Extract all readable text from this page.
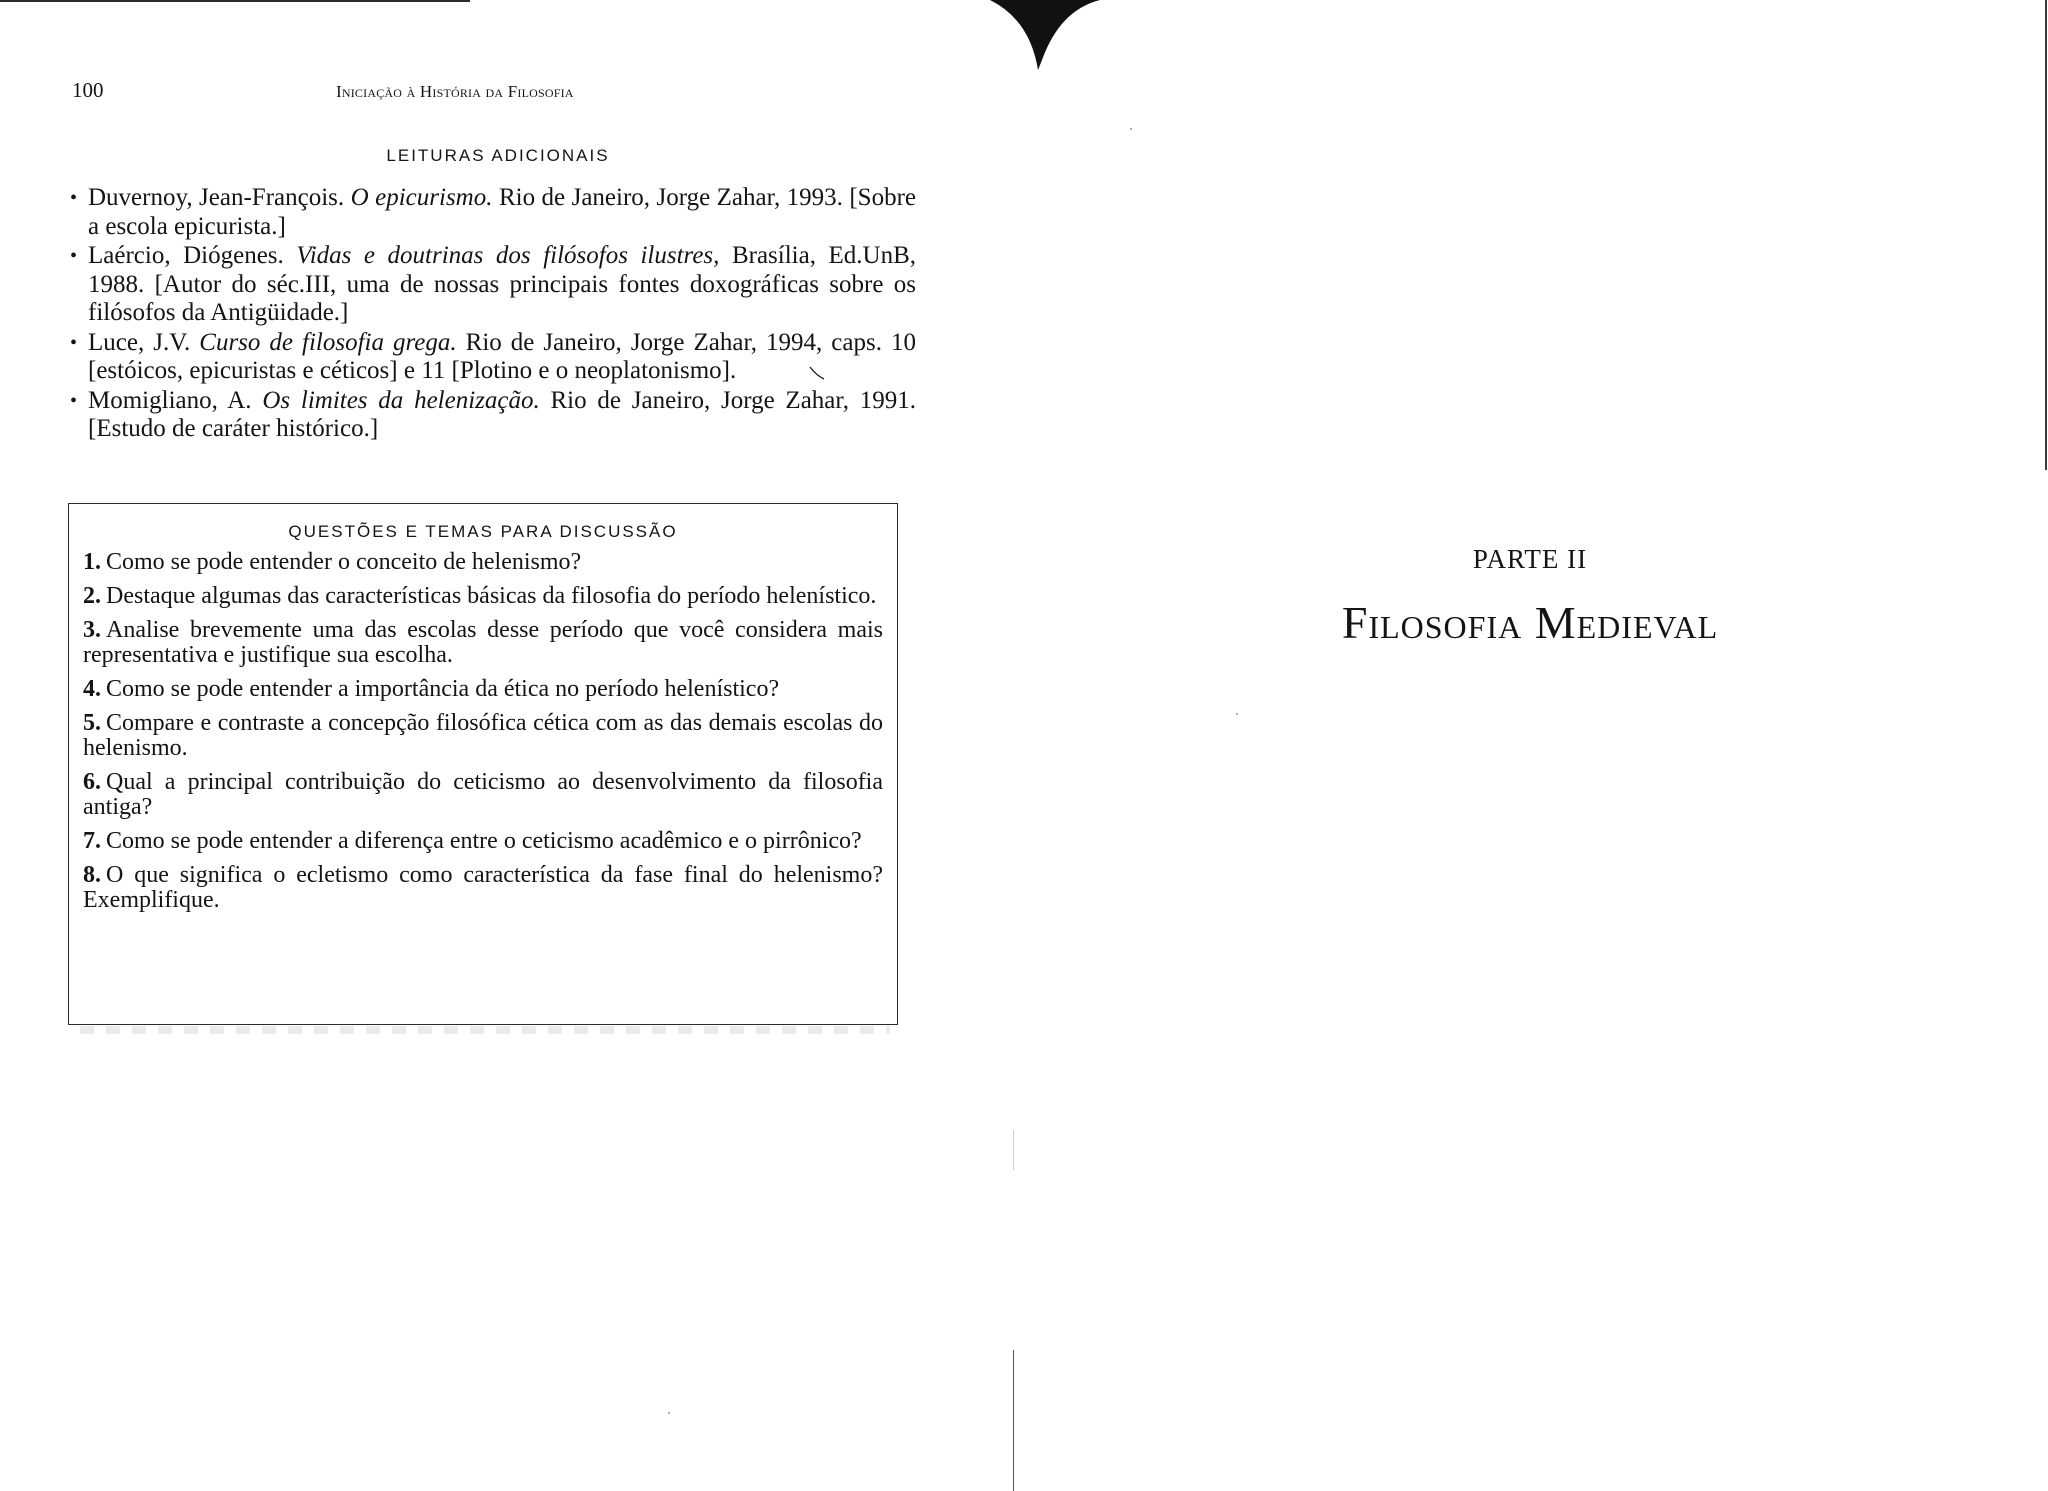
100	Iniciação à História da Filosofia
LEITURAS ADICIONAIS
• Duvernoy, Jean-François. O epicurismo. Rio de Janeiro, Jorge Zahar, 1993. [Sobre a escola epicurista.]
• Laércio, Diógenes. Vidas e doutrinas dos filósofos ilustres, Brasília, Ed.UnB, 1988. [Autor do séc.III, uma de nossas principais fontes doxográficas sobre os filósofos da Antigüidade.]
• Luce, J.V. Curso de filosofia grega. Rio de Janeiro, Jorge Zahar, 1994, caps. 10 [estóicos, epicuristas e céticos] e 11 [Plotino e o neoplatonismo].
• Momigliano, A. Os limites da helenização. Rio de Janeiro, Jorge Zahar, 1991. [Estudo de caráter histórico.]
QUESTÕES E TEMAS PARA DISCUSSÃO
1. Como se pode entender o conceito de helenismo?
2. Destaque algumas das características básicas da filosofia do período helenístico.
3. Analise brevemente uma das escolas desse período que você considera mais representativa e justifique sua escolha.
4. Como se pode entender a importância da ética no período helenístico?
5. Compare e contraste a concepção filosófica cética com as das demais escolas do helenismo.
6. Qual a principal contribuição do ceticismo ao desenvolvimento da filosofia antiga?
7. Como se pode entender a diferença entre o ceticismo acadêmico e o pirrônico?
8. O que significa o ecletismo como característica da fase final do helenismo? Exemplifique.
PARTE II
Filosofia Medieval
